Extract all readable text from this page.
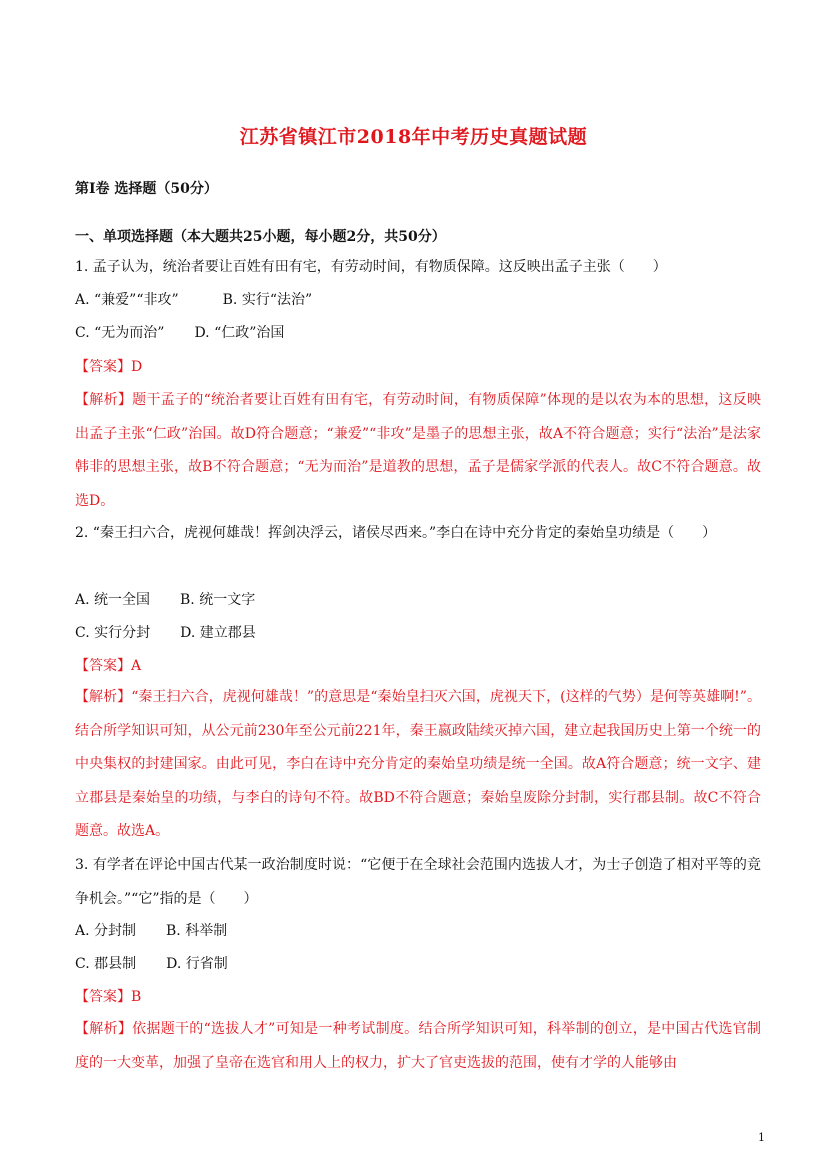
江苏省镇江市2018年中考历史真题试题
第Ⅰ卷 选择题（50分）
一、单项选择题（本大题共25小题，每小题2分，共50分）
1. 孟子认为，统治者要让百姓有田有宅，有劳动时间，有物质保障。这反映出孟子主张（　　）
A. “兼爱”“非攻”	B. 实行“法治”
C. “无为而治” D. “仁政”治国
【答案】D
【解析】题干孟子的“统治者要让百姓有田有宅，有劳动时间，有物质保障”体现的是以农为本的思想，这反映出孟子主张“仁政”治国。故D符合题意；“兼爱”“非攻”是墨子的思想主张，故A不符合题意；实行“法治”是法家韩非的思想主张，故B不符合题意；“无为而治”是道教的思想，孟子是儒家学派的代表人。故C不符合题意。故选D。
2. “秦王扫六合，虎视何雄哉！挥剑决浮云，诸侯尽西来。”李白在诗中充分肯定的秦始皇功绩是（　　）
A. 统一全国 B. 统一文字
C. 实行分封 D. 建立郡县
【答案】A
【解析】“秦王扫六合，虎视何雄哉！”的意思是“秦始皇扫灭六国，虎视天下，(这样的气势）是何等英雄啊!”。结合所学知识可知，从公元前230年至公元前221年，秦王嬴政陆续灭掉六国，建立起我国历史上第一个统一的中央集权的封建国家。由此可见，李白在诗中充分肯定的秦始皇功绩是统一全国。故A符合题意；统一文字、建立郡县是秦始皇的功绩，与李白的诗句不符。故BD不符合题意；秦始皇废除分封制，实行郡县制。故C不符合题意。故选A。
3. 有学者在评论中国古代某一政治制度时说：“它便于在全球社会范围内选拔人才，为士子创造了相对平等的竞争机会。”“它”指的是（　　）
A. 分封制 B. 科举制
C. 郡县制 D. 行省制
【答案】B
【解析】依据题干的“选拔人才”可知是一种考试制度。结合所学知识可知，科举制的创立，是中国古代选官制度的一大变革，加强了皇帝在选官和用人上的权力，扩大了官吏选拔的范围，使有才学的人能够由
1
